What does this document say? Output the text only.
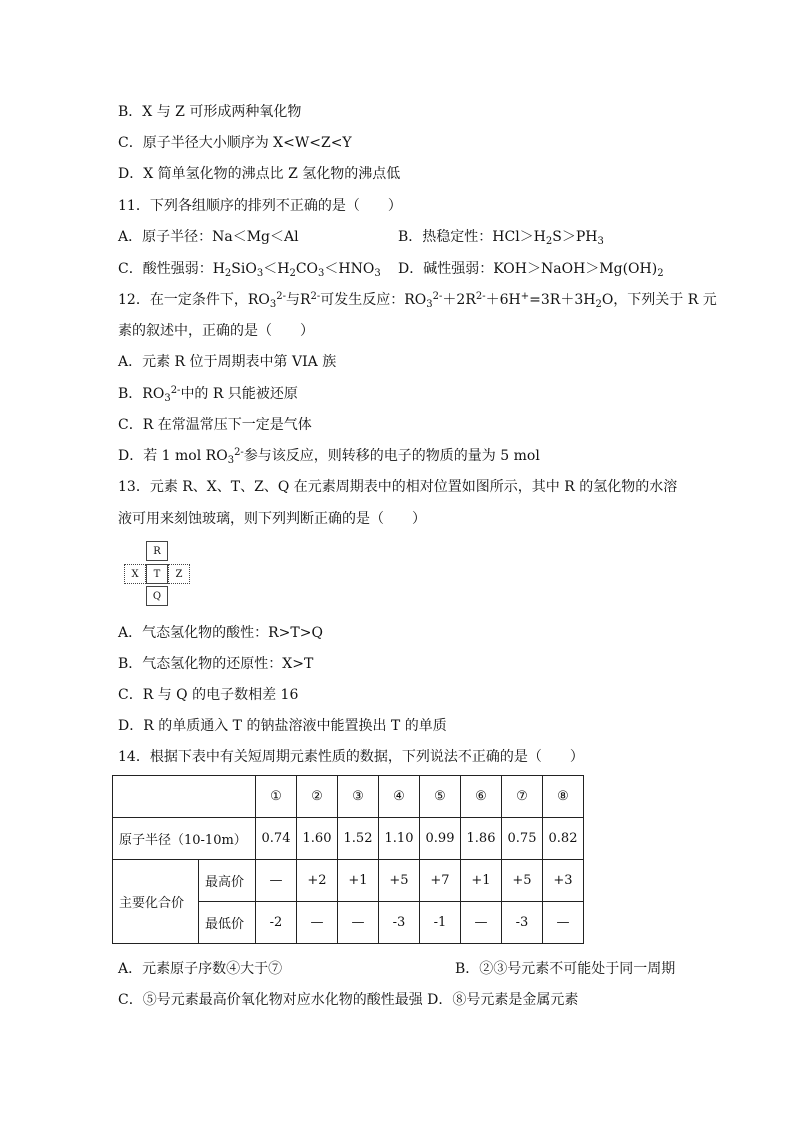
B．X 与 Z 可形成两种氧化物
C．原子半径大小顺序为 X<W<Z<Y
D．X 简单氢化物的沸点比 Z 氢化物的沸点低
11．下列各组顺序的排列不正确的是（　　）
A．原子半径：Na＜Mg＜Al	B．热稳定性：$HCl>H_2S>PH_3$
C．酸性强弱：$H_2SiO_3<H_2CO_3<HNO_3$ D．碱性强弱：$KOH>NaOH>Mg(OH)_2$
12．在一定条件下，$RO_3^{2-}$与$R^{2-}$可发生反应：$RO_3^{2-}+2R^{2-}+6H^+=3R+3H_2O$，下列关于 R 元
素的叙述中，正确的是（　　）
A．元素 R 位于周期表中第 VIA 族
B．$RO_3^{2-}$中的 R 只能被还原
C．R 在常温常压下一定是气体
D．若 1 mol $RO_3^{2-}$参与该反应，则转移的电子的物质的量为 5 mol
13．元素 R、X、T、Z、Q 在元素周期表中的相对位置如图所示，其中 R 的氢化物的水溶
液可用来刻蚀玻璃，则下列判断正确的是（　　）
R
X	T	Z
Q
A．气态氢化物的酸性：R>T>Q
B．气态氢化物的还原性：X>T
C．R 与 Q 的电子数相差 16
D．R 的单质通入 T 的钠盐溶液中能置换出 T 的单质
14．根据下表中有关短周期元素性质的数据，下列说法不正确的是（　　）
		①	②	③	④	⑤	⑥	⑦	⑧
原子半径（10-10m）		0.74	1.60	1.52	1.10	0.99	1.86	0.75	0.82
主要化合价	最高价	—	+2	+1	+5	+7	+1	+5	+3
	最低价	-2	—	—	-3	-1	—	-3	—
A．元素原子序数④大于⑦	B．②③号元素不可能处于同一周期
C．⑤号元素最高价氧化物对应水化物的酸性最强 D．⑧号元素是金属元素
